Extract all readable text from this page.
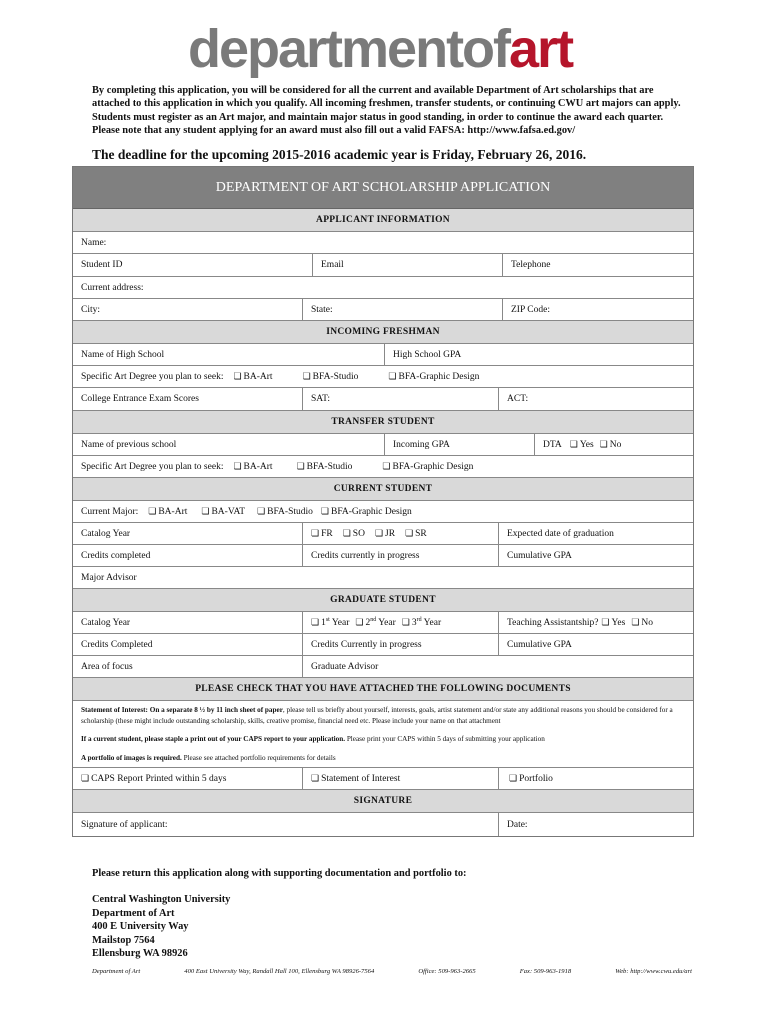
departmentofart
By completing this application, you will be considered for all the current and available Department of Art scholarships that are attached to this application in which you qualify. All incoming freshmen, transfer students, or continuing CWU art majors can apply. Students must register as an Art major, and maintain major status in good standing, in order to continue the award each quarter. Please note that any student applying for an award must also fill out a valid FAFSA: http://www.fafsa.ed.gov/
The deadline for the upcoming 2015-2016 academic year is Friday, February 26, 2016.
DEPARTMENT OF ART SCHOLARSHIP APPLICATION
APPLICANT INFORMATION
Name:
Student ID	Email	Telephone
Current address:
City:	State:	ZIP Code:
INCOMING FRESHMAN
Name of High School	High School GPA
Specific Art Degree you plan to seek:	❏ BA-Art	❏ BFA-Studio	❏ BFA-Graphic Design
College Entrance Exam Scores	SAT:	ACT:
TRANSFER STUDENT
Name of previous school	Incoming GPA	DTA	❏ Yes	❏ No
Specific Art Degree you plan to seek:	❏ BA-Art	❏ BFA-Studio	❏ BFA-Graphic Design
CURRENT STUDENT
Current Major:	❏ BA-Art	❏ BA-VAT	❏ BFA-Studio	❏ BFA-Graphic Design
Catalog Year	❏ FR	❏ SO	❏ JR	❏ SR	Expected date of graduation
Credits completed	Credits currently in progress	Cumulative GPA
Major Advisor
GRADUATE STUDENT
Catalog Year	❏ 1st Year	❏ 2nd Year	❏ 3rd Year	Teaching Assistantship?	❏ Yes	❏ No
Credits Completed	Credits Currently in progress	Cumulative GPA
Area of focus	Graduate Advisor
PLEASE CHECK THAT YOU HAVE ATTACHED THE FOLLOWING DOCUMENTS

Statement of Interest: On a separate 8 ½ by 11 inch sheet of paper, please tell us briefly about yourself, interests, goals, artist statement and/or state any additional reasons you should be considered for a scholarship (these might include outstanding scholarship, skills, creative promise, financial need etc. Please include your name on that attachment

If a current student, please staple a print out of your CAPS report to your application. Please print your CAPS within 5 days of submitting your application

A portfolio of images is required. Please see attached portfolio requirements for details

❏ CAPS Report Printed within 5 days	❏ Statement of Interest	❏ Portfolio
SIGNATURE
Signature of applicant:	Date:
Please return this application along with supporting documentation and portfolio to:
Central Washington University
Department of Art
400 E University Way
Mailstop 7564
Ellensburg WA 98926
Department of Art	400 East University Way, Randall Hall 100, Ellensburg WA 98926-7564	Office: 509-963-2665	Fax: 509-963-1918	Web: http://www.cwu.edu/art
